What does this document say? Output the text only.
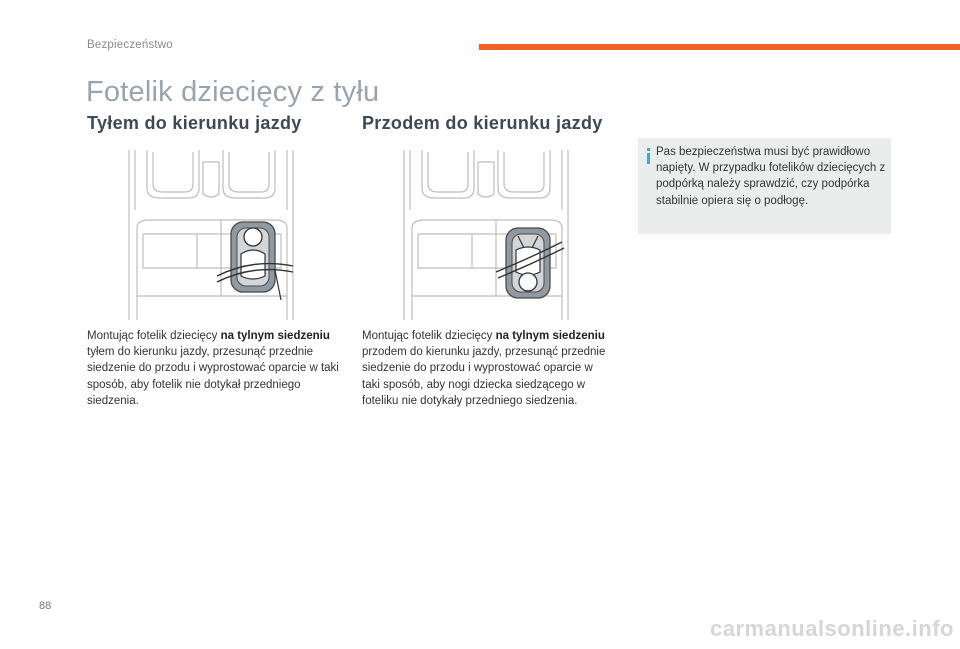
Bezpieczeństwo
Fotelik dziecięcy z tyłu
Tyłem do kierunku jazdy
Montując fotelik dziecięcy na tylnym siedzeniu tyłem do kierunku jazdy, przesunąć przednie siedzenie do przodu i wyprostować oparcie w taki sposób, aby fotelik nie dotykał przedniego siedzenia.
Przodem do kierunku jazdy
Montując fotelik dziecięcy na tylnym siedzeniu przodem do kierunku jazdy, przesunąć przednie siedzenie do przodu i wyprostować oparcie w taki sposób, aby nogi dziecka siedzącego w foteliku nie dotykały przedniego siedzenia.
Pas bezpieczeństwa musi być prawidłowo napięty. W przypadku fotelików dziecięcych z podpórką należy sprawdzić, czy podpórka stabilnie opiera się o podłogę.
88
carmanualsonline.info
